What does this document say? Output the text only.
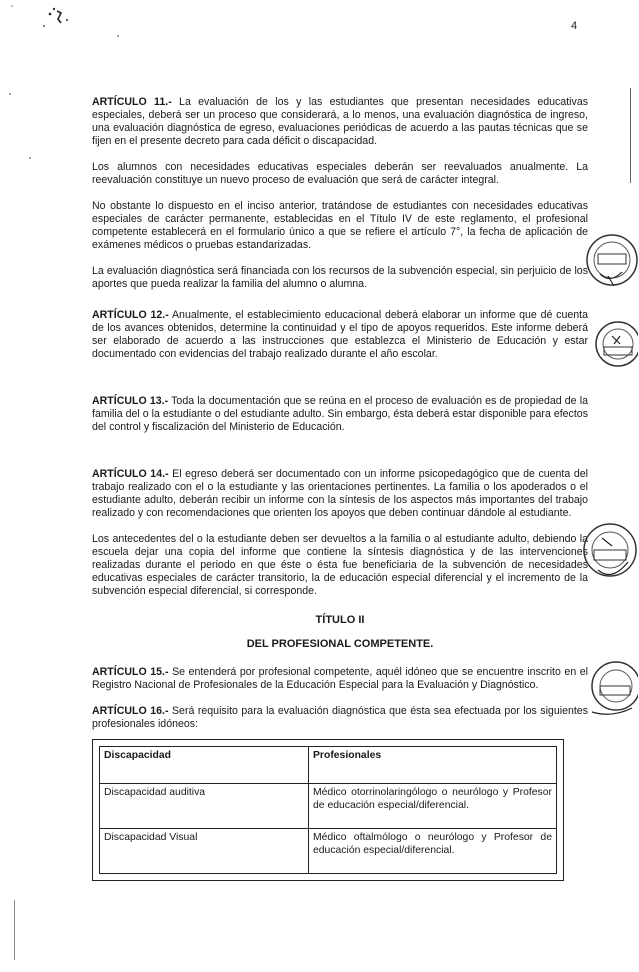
4

ARTÍCULO 11.- La evaluación de los y las estudiantes que presentan necesidades educativas especiales, deberá ser un proceso que considerará, a lo menos, una evaluación diagnóstica de ingreso, una evaluación diagnóstica de egreso, evaluaciones periódicas de acuerdo a las pautas técnicas que se fijen en el presente decreto para cada déficit o discapacidad.

Los alumnos con necesidades educativas especiales deberán ser reevaluados anualmente. La reevaluación constituye un nuevo proceso de evaluación que será de carácter integral.

No obstante lo dispuesto en el inciso anterior, tratándose de estudiantes con necesidades educativas especiales de carácter permanente, establecidas en el Título IV de este reglamento, el profesional competente establecerá en el formulario único a que se refiere el artículo 7°, la fecha de aplicación de exámenes médicos o pruebas estandarizadas.

La evaluación diagnóstica será financiada con los recursos de la subvención especial, sin perjuicio de los aportes que pueda realizar la familia del alumno o alumna.

ARTÍCULO 12.- Anualmente, el establecimiento educacional deberá elaborar un informe que dé cuenta de los avances obtenidos, determine la continuidad y el tipo de apoyos requeridos. Este informe deberá ser elaborado de acuerdo a las instrucciones que establezca el Ministerio de Educación y estar documentado con evidencias del trabajo realizado durante el año escolar.

ARTÍCULO 13.- Toda la documentación que se reúna en el proceso de evaluación es de propiedad de la familia del o la estudiante o del estudiante adulto. Sin embargo, ésta deberá estar disponible para efectos del control y fiscalización del Ministerio de Educación.

ARTÍCULO 14.- El egreso deberá ser documentado con un informe psicopedagógico que de cuenta del trabajo realizado con el o la estudiante y las orientaciones pertinentes. La familia o los apoderados o el estudiante adulto, deberán recibir un informe con la síntesis de los aspectos más importantes del trabajo realizado y con recomendaciones que orienten los apoyos que deben continuar dándole al estudiante.

Los antecedentes del o la estudiante deben ser devueltos a la familia o al estudiante adulto, debiendo la escuela dejar una copia del informe que contiene la síntesis diagnóstica y de las intervenciones realizadas durante el periodo en que éste o ésta fue beneficiaria de la subvención de necesidades educativas especiales de carácter transitorio, la de educación especial diferencial y el incremento de la subvención especial diferencial, si corresponde.

TÍTULO II
DEL PROFESIONAL COMPETENTE.

ARTÍCULO 15.- Se entenderá por profesional competente, aquél idóneo que se encuentre inscrito en el Registro Nacional de Profesionales de la Educación Especial para la Evaluación y Diagnóstico.

ARTÍCULO 16.- Será requisito para la evaluación diagnóstica que ésta sea efectuada por los siguientes profesionales idóneos:

Discapacidad	Profesionales
Discapacidad auditiva	Médico otorrinolaringólogo o neurólogo y Profesor de educación especial/diferencial.
Discapacidad Visual	Médico oftalmólogo o neurólogo y Profesor de educación especial/diferencial.
